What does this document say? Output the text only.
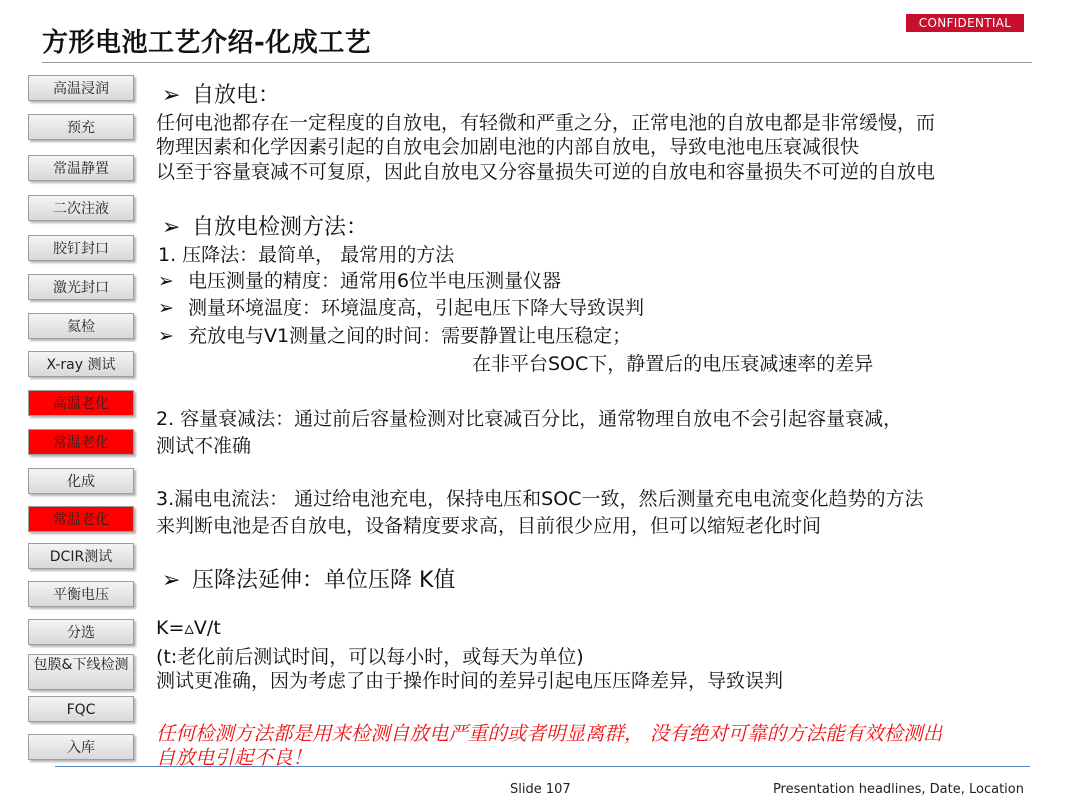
CONFIDENTIAL
方形电池工艺介绍-化成工艺
高温浸润
预充
常温静置
二次注液
胶钉封口
激光封口
氦检
X-ray 测试
高温老化
常温老化
化成
常温老化
DCIR测试
平衡电压
分选
包膜&下线检测
FQC
入库
➢ 自放电：
任何电池都存在一定程度的自放电，有轻微和严重之分，正常电池的自放电都是非常缓慢，而
物理因素和化学因素引起的自放电会加剧电池的内部自放电，导致电池电压衰减很快
以至于容量衰减不可复原，因此自放电又分容量损失可逆的自放电和容量损失不可逆的自放电
➢ 自放电检测方法：
1. 压降法：最简单， 最常用的方法
➢ 电压测量的精度：通常用6位半电压测量仪器
➢ 测量环境温度：环境温度高，引起电压下降大导致误判
➢ 充放电与V1测量之间的时间：需要静置让电压稳定；
在非平台SOC下，静置后的电压衰减速率的差异
2. 容量衰减法：通过前后容量检测对比衰减百分比，通常物理自放电不会引起容量衰减，
测试不准确
3.漏电电流法： 通过给电池充电，保持电压和SOC一致，然后测量充电电流变化趋势的方法
来判断电池是否自放电，设备精度要求高，目前很少应用，但可以缩短老化时间
➢ 压降法延伸：单位压降 K值
K=▵V/t
(t:老化前后测试时间，可以每小时，或每天为单位)
测试更准确，因为考虑了由于操作时间的差异引起电压压降差异，导致误判
任何检测方法都是用来检测自放电严重的或者明显离群， 没有绝对可靠的方法能有效检测出
自放电引起不良！
Slide 107	Presentation headlines, Date, Location
